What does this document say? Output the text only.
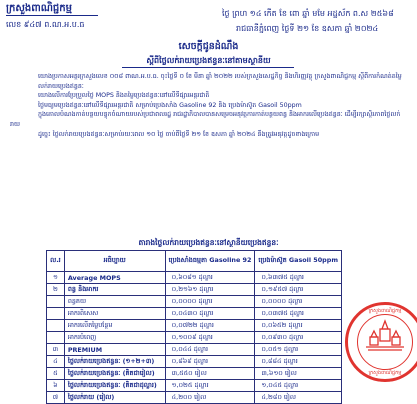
ក្រសួងពាណិជ្ជកម្ម
លេខ ៩៤៧ ព.ណ.អ.ប.ធ
ថ្ងៃ ព្រហ ១៤ កើត ខែ ពោ ឆ្នាំ មមែ អដ្ឋស័ក ព.ស ២៥៦៨
រាជធានីភ្នំពេញ ថ្ងៃទី ២១ ខែ ឧសភា ឆ្នាំ ២០២៤
សេចក្ដីជូនដំណឹង
ស្ដីពីថ្លៃលក់រាយប្រេងឥន្ធនៈនៅតាមស្ថានីយ

យោងប្រកាសអន្តរក្រសួងលេខ ០០៨ ពាណ.អ.ប.ធ. ចុះថ្ងៃទី ០ ខែ មីនា ឆ្នាំ ២០២២ របស់ក្រសួងសេដ្ឋកិច្ច និងហិរញ្ញវត្ថុ ក្រសួងពាណិជ្ជកម្ម ស្ដីពីការកំណត់តម្លៃលក់រាយប្រេងឥន្ធនៈ

យោងលើការប្រែប្រួលថ្លៃ MOPS និងតម្លៃប្រេងឥន្ធនៈនៅលើទីផ្សារអន្តរជាតិ

ថ្លៃមធ្យមប្រេងឥន្ធនៈនៅលើទីផ្សារអន្តរជាតិ សម្រាប់ប្រេងសាំង Gasoline 92 និង ប្រេងម៉ាស៊ូត Gasoil 50ppm

ក្នុងគោលបំណងកាត់បន្ថយបន្ទុកចំណាយរបស់ប្រជាពលរដ្ឋ រាជរដ្ឋាភិបាលបានសម្រេចអនុវត្តការកាត់បន្ថយពន្ធ និងអាករលើប្រេងឥន្ធនៈ ដើម្បីរក្សាស្ថិរភាពថ្លៃលក់រាយ

ដូច្នេះ ថ្លៃលក់រាយប្រេងឥន្ធនៈសម្រាប់រយៈពេល ១០ ថ្ងៃ ចាប់ពីថ្ងៃទី ២១ ខែ ឧសភា ឆ្នាំ ២០២៤ នឹងត្រូវអនុវត្តដូចខាងក្រោម

តារាងថ្លៃលក់រាយប្រេងឥន្ធនៈនៅស្ថានីយប្រេងឥន្ធនៈ
ល.រ	អធិប្បាយ	ប្រេងសាំងធម្មតា Gasoline 92	ប្រេងម៉ាស៊ូត Gasoil 50ppm
១	Average MOPS	០,៦០៨១ ដុល្លារ	០,៦៣៧៥ ដុល្លារ
២	ពន្ធ និងអាករ	០,២១៦១ ដុល្លារ	០,១៩៥៧ ដុល្លារ
	ពន្ធគយ	០,០០០០ ដុល្លារ	០,០០០០ ដុល្លារ
	អាករពិសេស	០,០៤៣០ ដុល្លារ	០,០៣៧៥ ដុល្លារ
	អាករលើតម្លៃបន្ថែម	០,០៧២២ ដុល្លារ	០,០៦៥២ ដុល្លារ
	អាករបំពេញ	០,១០០៩ ដុល្លារ	០,០៩៣០ ដុល្លារ
៣	PREMIUM	០,០៤៤ ដុល្លារ	០,០៥១ ដុល្លារ
៤	ថ្លៃលក់រាយប្រេងឥន្ធនៈ (១+២+៣)	០,៨៦៩ ដុល្លារ	០,៨៨៤ ដុល្លារ
៥	ថ្លៃលក់រាយប្រេងឥន្ធនៈ (គិតជារៀល)	៣,៥៥០ រៀល	៣,៦១០ រៀល
៦	ថ្លៃលក់រាយប្រេងឥន្ធនៈ (គិតជាដុល្លារ)	១,០២៥ ដុល្លារ	១,០៤៥ ដុល្លារ
៧	ថ្លៃលក់រាយ (រៀល)	៤,២០០ រៀល	៤,២៨០ រៀល
ក្រសួងពាណិជ្ជកម្ម
ក្រសួងពាណិជ្ជកម្ម
